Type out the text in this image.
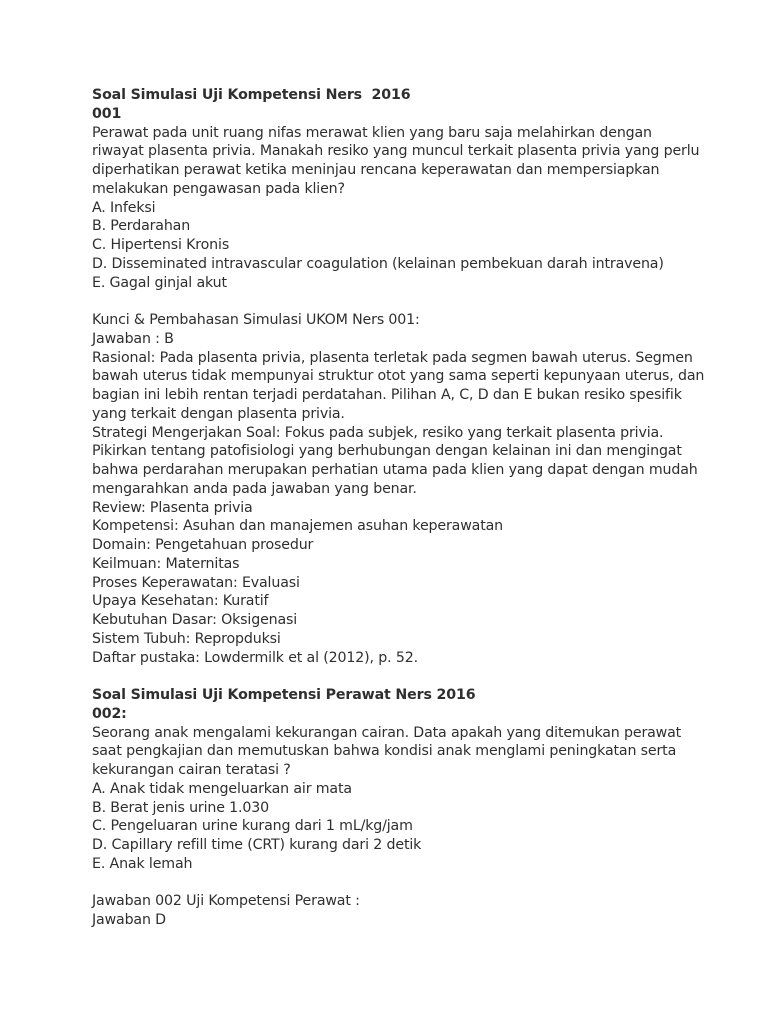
Soal Simulasi Uji Kompetensi Ners  2016
001
Perawat pada unit ruang nifas merawat klien yang baru saja melahirkan dengan
riwayat plasenta privia. Manakah resiko yang muncul terkait plasenta privia yang perlu
diperhatikan perawat ketika meninjau rencana keperawatan dan mempersiapkan
melakukan pengawasan pada klien?
A. Infeksi
B. Perdarahan
C. Hipertensi Kronis
D. Disseminated intravascular coagulation (kelainan pembekuan darah intravena)
E. Gagal ginjal akut
Kunci & Pembahasan Simulasi UKOM Ners 001:
Jawaban : B
Rasional: Pada plasenta privia, plasenta terletak pada segmen bawah uterus. Segmen
bawah uterus tidak mempunyai struktur otot yang sama seperti kepunyaan uterus, dan
bagian ini lebih rentan terjadi perdatahan. Pilihan A, C, D dan E bukan resiko spesifik
yang terkait dengan plasenta privia.
Strategi Mengerjakan Soal: Fokus pada subjek, resiko yang terkait plasenta privia.
Pikirkan tentang patofisiologi yang berhubungan dengan kelainan ini dan mengingat
bahwa perdarahan merupakan perhatian utama pada klien yang dapat dengan mudah
mengarahkan anda pada jawaban yang benar.
Review: Plasenta privia
Kompetensi: Asuhan dan manajemen asuhan keperawatan
Domain: Pengetahuan prosedur
Keilmuan: Maternitas
Proses Keperawatan: Evaluasi
Upaya Kesehatan: Kuratif
Kebutuhan Dasar: Oksigenasi
Sistem Tubuh: Repropduksi
Daftar pustaka: Lowdermilk et al (2012), p. 52.
Soal Simulasi Uji Kompetensi Perawat Ners 2016
002:
Seorang anak mengalami kekurangan cairan. Data apakah yang ditemukan perawat
saat pengkajian dan memutuskan bahwa kondisi anak menglami peningkatan serta
kekurangan cairan teratasi ?
A. Anak tidak mengeluarkan air mata
B. Berat jenis urine 1.030
C. Pengeluaran urine kurang dari 1 mL/kg/jam
D. Capillary refill time (CRT) kurang dari 2 detik
E. Anak lemah
Jawaban 002 Uji Kompetensi Perawat :
Jawaban D
